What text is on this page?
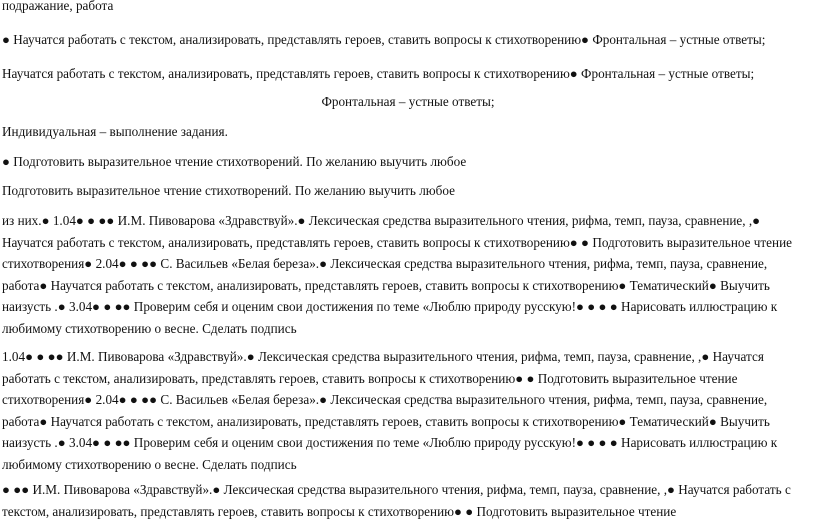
подражание, работа
● Научатся работать с текстом, анализировать, представлять героев, ставить вопросы к стихотворению● Фронтальная – устные ответы;
Научатся работать с текстом, анализировать, представлять героев, ставить вопросы к стихотворению● Фронтальная – устные ответы;
Фронтальная – устные ответы;
Индивидуальная – выполнение задания.
● Подготовить выразительное чтение стихотворений. По желанию выучить любое
Подготовить выразительное чтение стихотворений. По желанию выучить любое
из них.● 1.04● ● ●● И.М. Пивоварова «Здравствуй».● Лексическая средства выразительного чтения, рифма, темп, пауза, сравнение, ,● Научатся работать с текстом, анализировать, представлять героев, ставить вопросы к стихотворению● ● Подготовить выразительное чтение стихотворения● 2.04● ● ●● С. Васильев «Белая береза».● Лексическая средства выразительного чтения, рифма, темп, пауза, сравнение, работа● Научатся работать с текстом, анализировать, представлять героев, ставить вопросы к стихотворению● Тематический● Выучить наизусть .● 3.04● ● ●● Проверим себя и оценим свои достижения по теме «Люблю природу русскую!● ● ● ● Нарисовать иллюстрацию к любимому стихотворению о весне. Сделать подпись
1.04● ● ●● И.М. Пивоварова «Здравствуй».● Лексическая средства выразительного чтения, рифма, темп, пауза, сравнение, ,● Научатся работать с текстом, анализировать, представлять героев, ставить вопросы к стихотворению● ● Подготовить выразительное чтение стихотворения● 2.04● ● ●● С. Васильев «Белая береза».● Лексическая средства выразительного чтения, рифма, темп, пауза, сравнение, работа● Научатся работать с текстом, анализировать, представлять героев, ставить вопросы к стихотворению● Тематический● Выучить наизусть .● 3.04● ● ●● Проверим себя и оценим свои достижения по теме «Люблю природу русскую!● ● ● ● Нарисовать иллюстрацию к любимому стихотворению о весне. Сделать подпись
● ●● И.М. Пивоварова «Здравствуй».● Лексическая средства выразительного чтения, рифма, темп, пауза, сравнение, ,● Научатся работать с текстом, анализировать, представлять героев, ставить вопросы к стихотворению● ● Подготовить выразительное чтение
